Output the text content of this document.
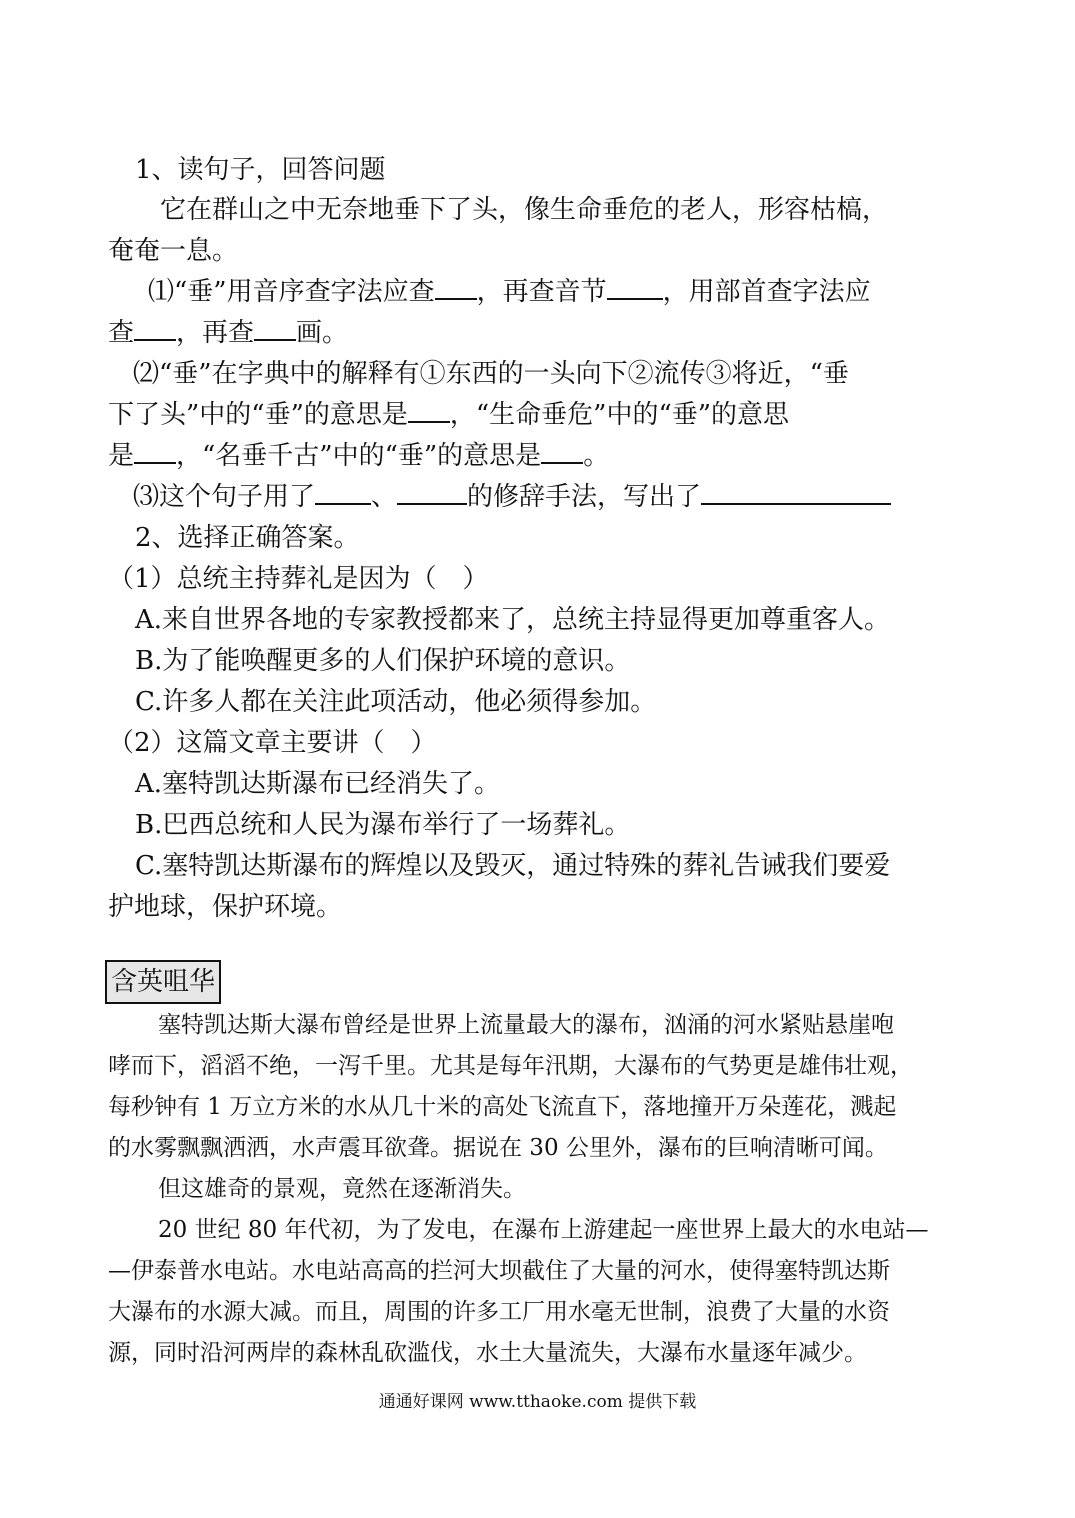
1、读句子，回答问题

它在群山之中无奈地垂下了头，像生命垂危的老人，形容枯槁，

奄奄一息。

⑴“垂”用音序查字法应查 ，再查音节 ，用部首查字法应

查 ，再查 画。

⑵“垂”在字典中的解释有①东西的一头向下②流传③将近，“垂

下了头”中的“垂”的意思是 ，“生命垂危”中的“垂”的意思

是 ，“名垂千古”中的“垂”的意思是 。

⑶这个句子用了 、	的修辞手法，写出了

2、选择正确答案。

（1）总统主持葬礼是因为（　）

A.来自世界各地的专家教授都来了，总统主持显得更加尊重客人。

B.为了能唤醒更多的人们保护环境的意识。

C.许多人都在关注此项活动，他必须得参加。

（2）这篇文章主要讲（　）

A.塞特凯达斯瀑布已经消失了。

B.巴西总统和人民为瀑布举行了一场葬礼。

C.塞特凯达斯瀑布的辉煌以及毁灭，通过特殊的葬礼告诫我们要爱

护地球，保护环境。

含英咀华

塞特凯达斯大瀑布曾经是世界上流量最大的瀑布，汹涌的河水紧贴悬崖咆

哮而下，滔滔不绝，一泻千里。尤其是每年汛期，大瀑布的气势更是雄伟壮观，

每秒钟有 1 万立方米的水从几十米的高处飞流直下，落地撞开万朵莲花，溅起

的水雾飘飘洒洒，水声震耳欲聋。据说在 30 公里外，瀑布的巨响清晰可闻。

但这雄奇的景观，竟然在逐渐消失。

20 世纪 80 年代初，为了发电，在瀑布上游建起一座世界上最大的水电站—

—伊泰普水电站。水电站高高的拦河大坝截住了大量的河水，使得塞特凯达斯

大瀑布的水源大减。而且，周围的许多工厂用水毫无世制，浪费了大量的水资

源，同时沿河两岸的森林乱砍滥伐，水土大量流失，大瀑布水量逐年减少。

通通好课网 www.tthaoke.com 提供下载
